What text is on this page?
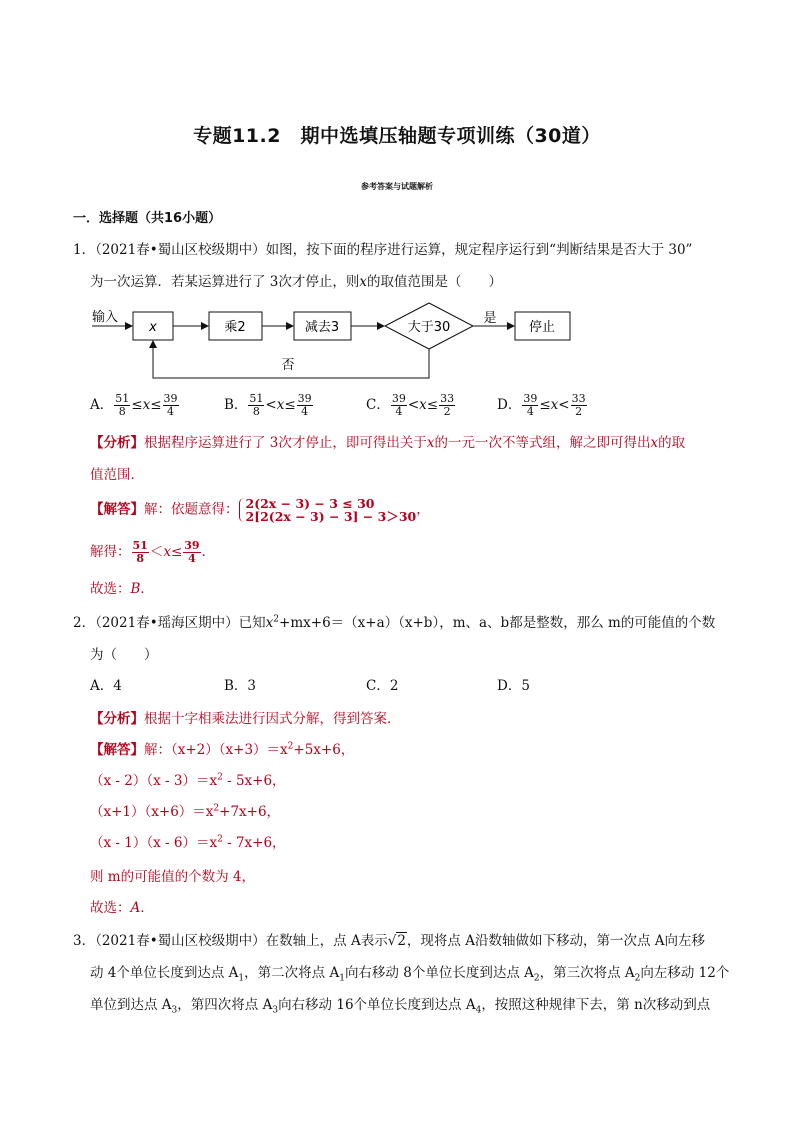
专题11.2　期中选填压轴题专项训练（30道）
参考答案与试题解析
一．选择题（共16小题）
1．（2021春•蜀山区校级期中）如图，按下面的程序进行运算，规定程序运行到“判断结果是否大于 30”
为一次运算．若某运算进行了 3次才停止，则x的取值范围是（　　）
输入
x	乘2	减去3	大于30
是
停止
否
A． $\frac{51}{8} \le x\le \frac{39}{4}$	B． $\frac{51}{8} <x\le \frac{39}{4}$	C． $\frac{39}{4} <x\le \frac{33}{2}$	D． $\frac{39}{4} \le x< \frac{33}{2}$
【分析】根据程序运算进行了 3次才停止，即可得出关于x的一元一次不等式组，解之即可得出x的取
值范围．
【解答】解：依题意得： 2(2x − 3) − 3 ≤ 30
2[2(2x − 3) − 3] − 3＞30 ，
解得： $\frac{51}{8} <x\le \frac{39}{4}$ ．
故选：B．
2．（2021春•瑶海区期中）已知$x^2+mx+6=(x+a)(x+b)$，m、a、b都是整数，那么 m的可能值的个数
为（　　）
A．4	B．3	C．2	D．5
【分析】根据十字相乘法进行因式分解，得到答案．
【解答】解：$(x+2)(x+3)=x^2+5x+6$，
$(x - 2)(x - 3)=x^2 - 5x+6$，
$(x+1)(x+6)=x^2+7x+6$，
$(x - 1)(x - 6)=x^2 - 7x+6$，
则 m的可能值的个数为 4，
故选：A．
3．（2021春•蜀山区校级期中）在数轴上，点 A表示√2，现将点 A沿数轴做如下移动，第一次点 A向左移
动 4个单位长度到达点 $A_1$，第二次将点 $A_1$向右移动 8个单位长度到达点 $A_2$，第三次将点 $A_2$向左移动 12个
单位到达点 $A_3$，第四次将点 $A_3$向右移动 16个单位长度到达点 $A_4$，按照这种规律下去，第 n次移动到点
